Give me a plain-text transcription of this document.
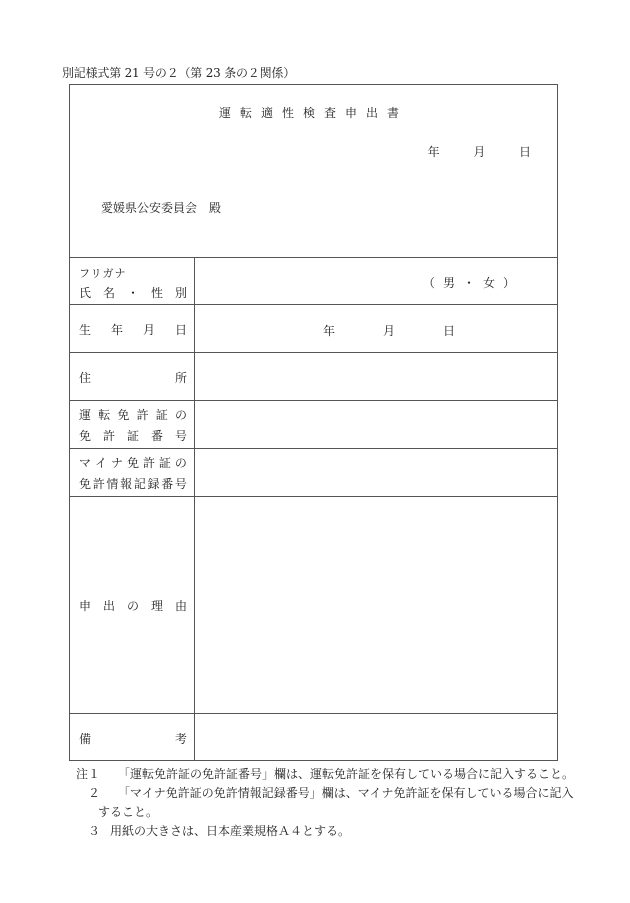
別記様式第 21 号の２（第 23 条の２関係）
運転適性検査申出書
年	月	日
愛媛県公安委員会　殿
フリガナ
氏 名 ・ 性 別
（ 男 ・ 女 ）
生 年 月 日	年	月	日
住	所
運 転 免 許 証 の
免 許 証 番 号
マ イ ナ 免 許 証 の
免 許 情 報 記 録 番 号
申 出 の 理 由
備	考
注１ 「運転免許証の免許証番号」欄は、運転免許証を保有している場合に記入すること。
２ 「マイナ免許証の免許情報記録番号」欄は、マイナ免許証を保有している場合に記入
すること。
３ 用紙の大きさは、日本産業規格Ａ４とする。
